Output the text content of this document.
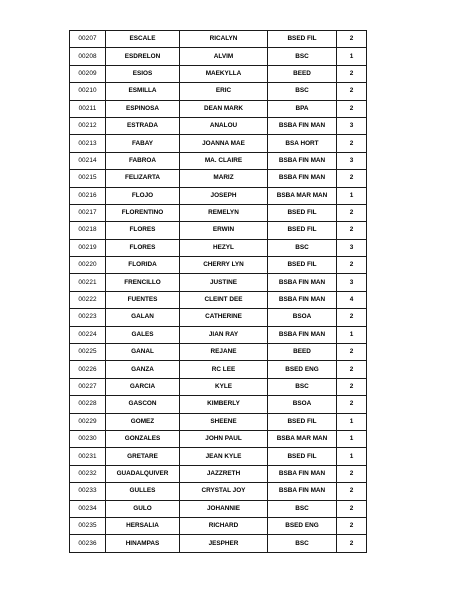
00207	ESCALE	RICALYN	BSED FIL	2
00208	ESDRELON	ALVIM	BSC	1
00209	ESIOS	MAEKYLLA	BEED	2
00210	ESMILLA	ERIC	BSC	2
00211	ESPINOSA	DEAN MARK	BPA	2
00212	ESTRADA	ANALOU	BSBA FIN MAN	3
00213	FABAY	JOANNA MAE	BSA HORT	2
00214	FABROA	MA. CLAIRE	BSBA FIN MAN	3
00215	FELIZARTA	MARIZ	BSBA FIN MAN	2
00216	FLOJO	JOSEPH	BSBA MAR MAN	1
00217	FLORENTINO	REMELYN	BSED FIL	2
00218	FLORES	ERWIN	BSED FIL	2
00219	FLORES	HEZYL	BSC	3
00220	FLORIDA	CHERRY LYN	BSED FIL	2
00221	FRENCILLO	JUSTINE	BSBA FIN MAN	3
00222	FUENTES	CLEINT DEE	BSBA FIN MAN	4
00223	GALAN	CATHERINE	BSOA	2
00224	GALES	JIAN RAY	BSBA FIN MAN	1
00225	GANAL	REJANE	BEED	2
00226	GANZA	RC LEE	BSED ENG	2
00227	GARCIA	KYLE	BSC	2
00228	GASCON	KIMBERLY	BSOA	2
00229	GOMEZ	SHEENE	BSED FIL	1
00230	GONZALES	JOHN PAUL	BSBA MAR MAN	1
00231	GRETARE	JEAN KYLE	BSED FIL	1
00232	GUADALQUIVER	JAZZRETH	BSBA FIN MAN	2
00233	GULLES	CRYSTAL JOY	BSBA FIN MAN	2
00234	GULO	JOHANNIE	BSC	2
00235	HERSALIA	RICHARD	BSED ENG	2
00236	HINAMPAS	JESPHER	BSC	2
